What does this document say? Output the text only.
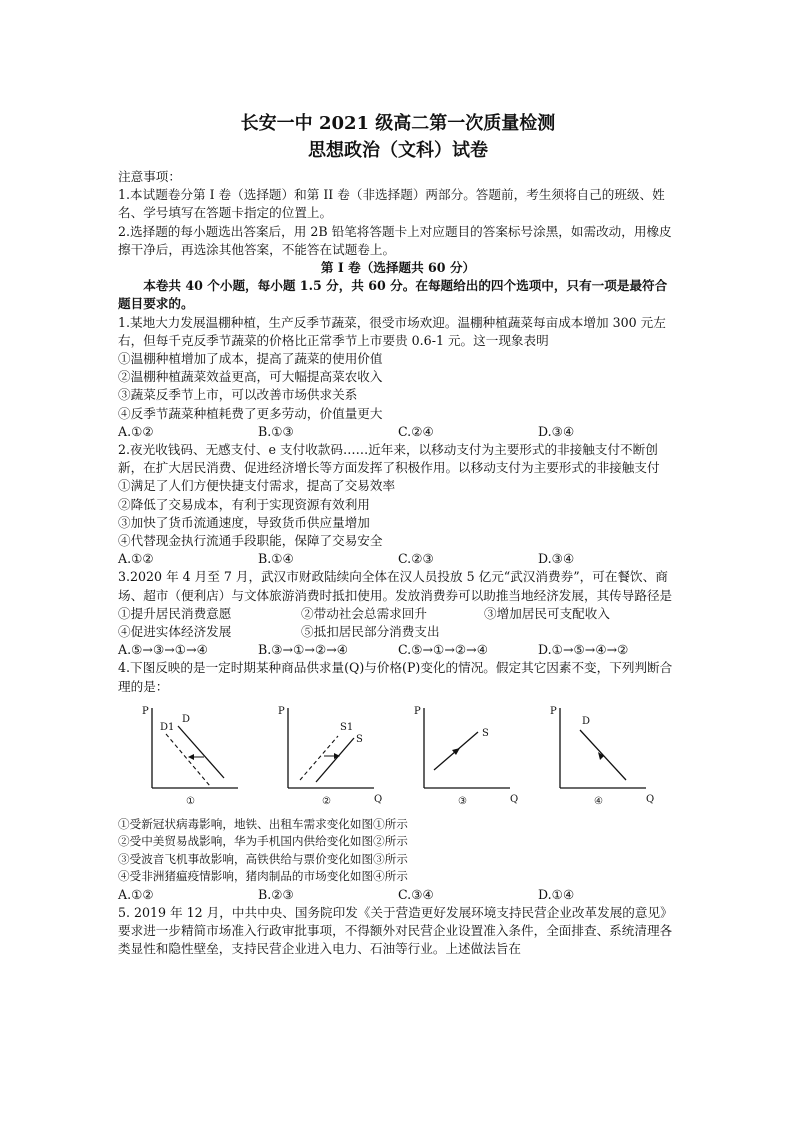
长安一中 2021 级高二第一次质量检测
思想政治（文科）试卷

注意事项：

1.本试题卷分第 I 卷（选择题）和第 II 卷（非选择题）两部分。答题前，考生须将自己的班级、姓名、学号填写在答题卡指定的位置上。

2.选择题的每小题选出答案后，用 2B 铅笔将答题卡上对应题目的答案标号涂黑，如需改动，用橡皮擦干净后，再选涂其他答案，不能答在试题卷上。

第 I 卷（选择题共 60 分）

本卷共 40 个小题，每小题 1.5 分，共 60 分。在每题给出的四个选项中，只有一项是最符合题目要求的。

1.某地大力发展温棚种植，生产反季节蔬菜，很受市场欢迎。温棚种植蔬菜每亩成本增加 300 元左右，但每千克反季节蔬菜的价格比正常季节上市要贵 0.6-1 元。这一现象表明

①温棚种植增加了成本，提高了蔬菜的使用价值

②温棚种植蔬菜效益更高，可大幅提高菜农收入

③蔬菜反季节上市，可以改善市场供求关系

④反季节蔬菜种植耗费了更多劳动，价值量更大

A.①②	B.①③	C.②④	D.③④

2.夜光收钱码、无感支付、e 支付收款码……近年来，以移动支付为主要形式的非接触支付不断创新，在扩大居民消费、促进经济增长等方面发挥了积极作用。以移动支付为主要形式的非接触支付

①满足了人们方便快捷支付需求，提高了交易效率

②降低了交易成本，有利于实现资源有效利用

③加快了货币流通速度，导致货币供应量增加

④代替现金执行流通手段职能，保障了交易安全

A.①②	B.①④	C.②③	D.③④

3.2020 年 4 月至 7 月，武汉市财政陆续向全体在汉人员投放 5 亿元“武汉消费券”，可在餐饮、商场、超市（便利店）与文体旅游消费时抵扣使用。发放消费券可以助推当地经济发展，其传导路径是

①提升居民消费意愿	②带动社会总需求回升	③增加居民可支配收入
④促进实体经济发展	⑤抵扣居民部分消费支出
A.⑤→③→①→④	B.③→①→②→④	C.⑤→①→②→④	D.①→⑤→④→②

4.下图反映的是一定时期某种商品供求量(Q)与价格(P)变化的情况。假定其它因素不变，下列判断合理的是：

P
D
D1
①
P
Q
S1
S
②
P
Q
S
③
P
Q
D
④

①受新冠状病毒影响，地铁、出租车需求变化如图①所示

②受中美贸易战影响，华为手机国内供给变化如图②所示

③受波音飞机事故影响，高铁供给与票价变化如图③所示

④受非洲猪瘟疫情影响，猪肉制品的市场变化如图④所示

A.①②	B.②③	C.③④	D.①④

5. 2019 年 12 月，中共中央、国务院印发《关于营造更好发展环境支持民营企业改革发展的意见》要求进一步精简市场准入行政审批事项，不得额外对民营企业设置准入条件，全面排查、系统清理各类显性和隐性壁垒，支持民营企业进入电力、石油等行业。上述做法旨在
